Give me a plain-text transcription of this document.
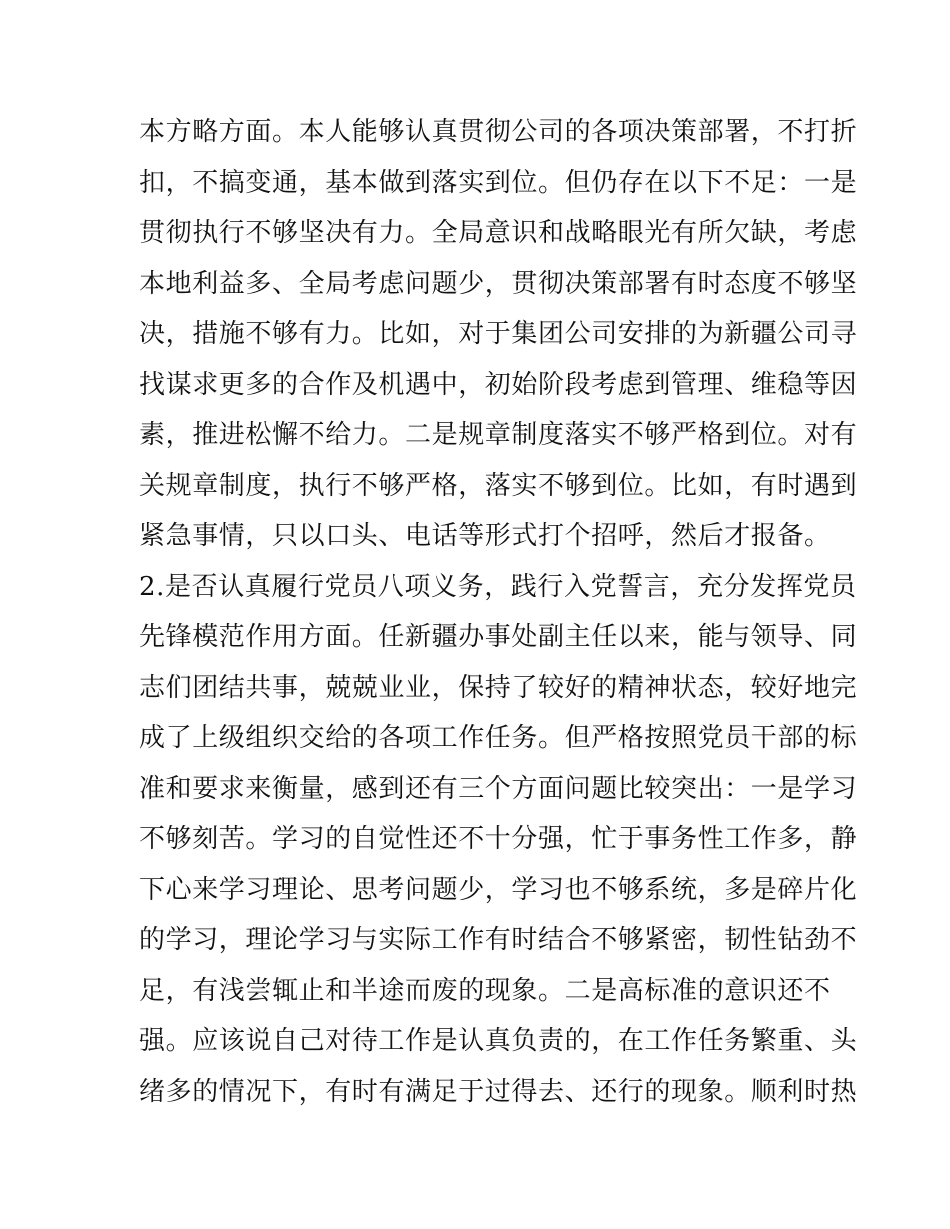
本方略方面。本人能够认真贯彻公司的各项决策部署，不打折
扣，不搞变通，基本做到落实到位。但仍存在以下不足：一是
贯彻执行不够坚决有力。全局意识和战略眼光有所欠缺，考虑
本地利益多、全局考虑问题少，贯彻决策部署有时态度不够坚
决，措施不够有力。比如，对于集团公司安排的为新疆公司寻
找谋求更多的合作及机遇中，初始阶段考虑到管理、维稳等因
素，推进松懈不给力。二是规章制度落实不够严格到位。对有
关规章制度，执行不够严格，落实不够到位。比如，有时遇到
紧急事情，只以口头、电话等形式打个招呼，然后才报备。
2.是否认真履行党员八项义务，践行入党誓言，充分发挥党员
先锋模范作用方面。任新疆办事处副主任以来，能与领导、同
志们团结共事，兢兢业业，保持了较好的精神状态，较好地完
成了上级组织交给的各项工作任务。但严格按照党员干部的标
准和要求来衡量，感到还有三个方面问题比较突出：一是学习
不够刻苦。学习的自觉性还不十分强，忙于事务性工作多，静
下心来学习理论、思考问题少，学习也不够系统，多是碎片化
的学习，理论学习与实际工作有时结合不够紧密，韧性钻劲不
足，有浅尝辄止和半途而废的现象。二是高标准的意识还不
强。应该说自己对待工作是认真负责的，在工作任务繁重、头
绪多的情况下，有时有满足于过得去、还行的现象。顺利时热
